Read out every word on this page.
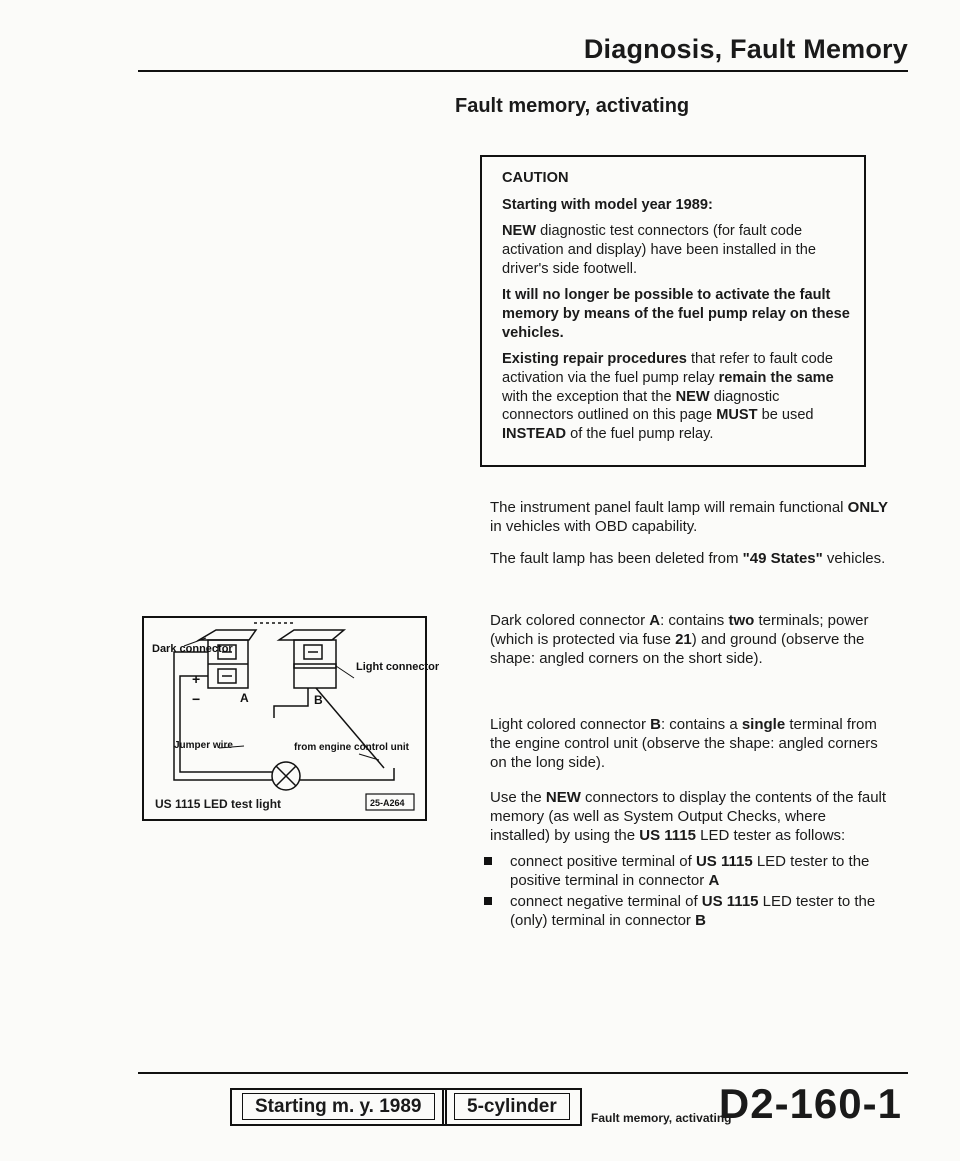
Diagnosis, Fault Memory
Fault memory, activating

CAUTION

Starting with model year 1989:

NEW diagnostic test connectors (for fault code activation and display) have been installed in the driver's side footwell.

It will no longer be possible to activate the fault memory by means of the fuel pump relay on these vehicles.

Existing repair procedures that refer to fault code activation via the fuel pump relay remain the same with the exception that the NEW diagnostic connectors outlined on this page MUST be used INSTEAD of the fuel pump relay.

The instrument panel fault lamp will remain functional ONLY in vehicles with OBD capability.

The fault lamp has been deleted from "49 States" vehicles.

Dark colored connector A: contains two terminals; power (which is protected via fuse 21) and ground (observe the shape: angled corners on the short side).

Light colored connector B: contains a single terminal from the engine control unit (observe the shape: angled corners on the long side).

Use the NEW connectors to display the contents of the fault memory (as well as System Output Checks, where installed) by using the US 1115 LED tester as follows:

connect positive terminal of US 1115 LED tester to the positive terminal in connector A
connect negative terminal of US 1115 LED tester to the (only) terminal in connector B
Dark connector
Light connector
A	B
+
−
Jumper wire	from engine control unit
25-A264
US 1115 LED test light
Starting m. y. 1989	5-cylinder
Fault memory, activating
D2-160-1
